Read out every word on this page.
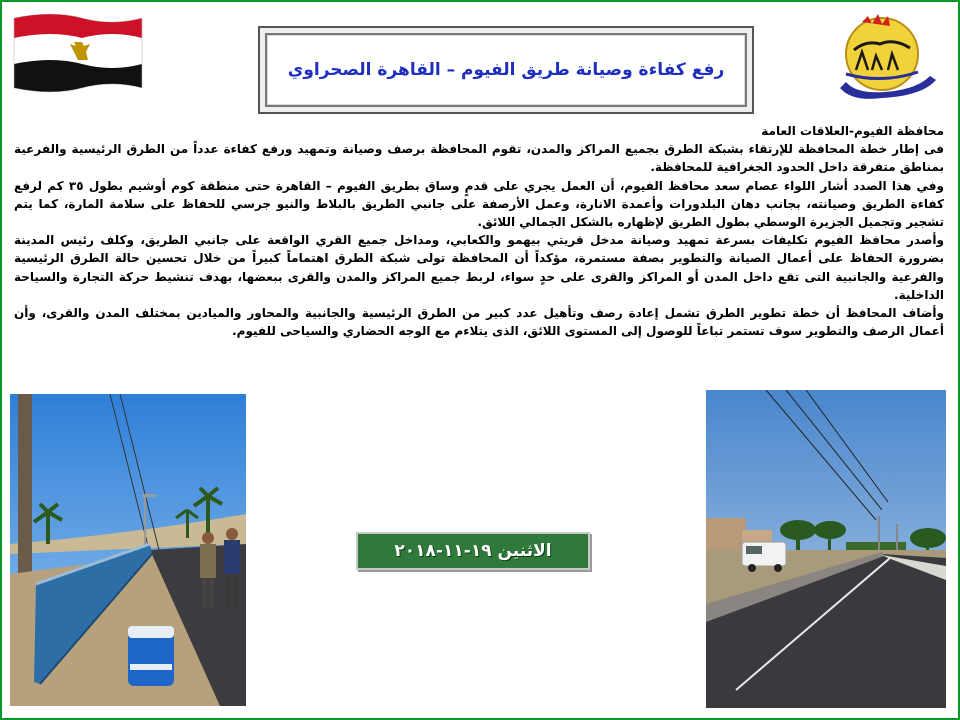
رفع كفاءة وصيانة طريق الفيوم – القاهرة الصحراوي

محافظة الفيوم-العلاقات العامة

فى إطار خطة المحافظة للإرتقاء بشبكة الطرق بجميع المراكز والمدن، تقوم المحافظة برصف وصيانة وتمهيد ورفع كفاءة عدداً من الطرق الرئيسية والفرعية بمناطق متفرقة داخل الحدود الجغرافية للمحافظة.

وفي هذا الصدد أشار اللواء عصام سعد محافظ الفيوم، أن العمل يجري على قدمٍ وساق بطريق الفيوم – القاهرة حتى منطقة كوم أوشيم بطول ٣٥ كم لرفع كفاءة الطريق وصيانته، بجانب دهان البلدورات وأعمدة الانارة، وعمل الأرصفة على جانبي الطريق بالبلاط والنيو جرسي للحفاظ على سلامة المارة، كما يتم تشجير وتجميل الجزيرة الوسطي بطول الطريق لإظهاره بالشكل الجمالي اللائق.

وأصدر محافظ الفيوم تكليفات بسرعة تمهيد وصيانة مدخل قريتي بيهمو والكعابي، ومداخل جميع القري الواقعة على جانبي الطريق، وكلف رئيس المدينة بضرورة الحفاظ على أعمال الصيانة والتطوير بصفة مستمرة، مؤكداً أن المحافظة تولى شبكة الطرق اهتماماً كبيراً من خلال تحسين حالة الطرق الرئيسية والفرعية والجانبية التى تقع داخل المدن أو المراكز والقرى على حدٍ سواء، لربط جميع المراكز والمدن والقرى ببعضها، بهدف تنشيط حركة التجارة والسياحة الداخلية.

وأضاف المحافظ أن خطة تطوير الطرق تشمل إعادة رصف وتأهيل عدد كبير من الطرق الرئيسية والجانبية والمحاور والميادين بمختلف المدن والقرى، وأن أعمال الرصف والتطوير سوف تستمر تباعاً للوصول إلى المستوى اللائق، الذى يتلاءم مع الوجه الحضاري والسياحى للفيوم.

الاثنين ١٩-١١-٢٠١٨
